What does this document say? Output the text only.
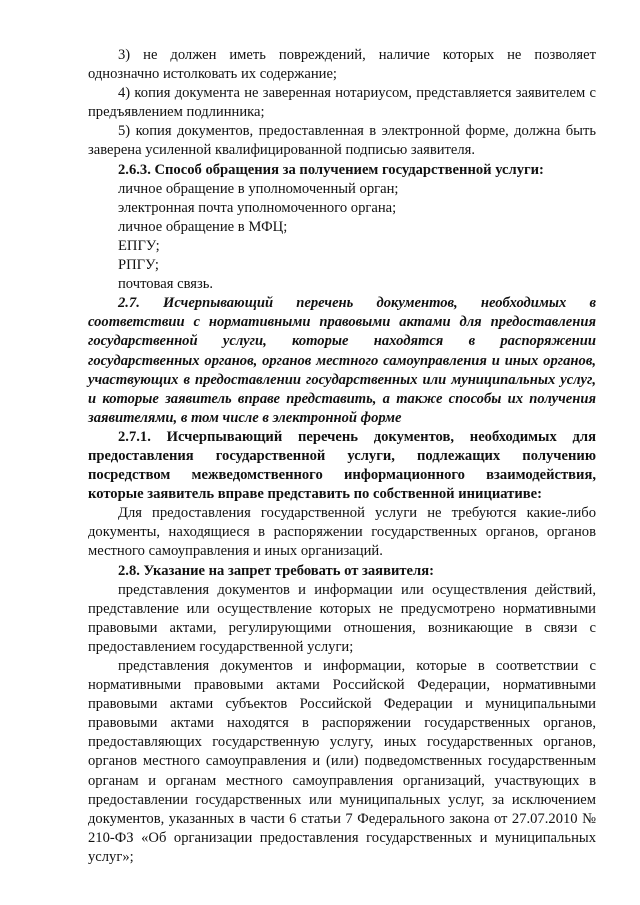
3) не должен иметь повреждений, наличие которых не позволяет однозначно истолковать их содержание;

4) копия документа не заверенная нотариусом, представляется заявителем с предъявлением подлинника;

5) копия документов, предоставленная в электронной форме, должна быть заверена усиленной квалифицированной подписью заявителя.

2.6.3. Способ обращения за получением государственной услуги:

личное обращение в уполномоченный орган;

электронная почта уполномоченного органа;

личное обращение в МФЦ;

ЕПГУ;

РПГУ;

почтовая связь.

2.7. Исчерпывающий перечень документов, необходимых в соответствии с нормативными правовыми актами для предоставления государственной услуги, которые находятся в распоряжении государственных органов, органов местного самоуправления и иных органов, участвующих в предоставлении государственных или муниципальных услуг, и которые заявитель вправе представить, а также способы их получения заявителями, в том числе в электронной форме

2.7.1. Исчерпывающий перечень документов, необходимых для предоставления государственной услуги, подлежащих получению посредством межведомственного информационного взаимодействия, которые заявитель вправе представить по собственной инициативе:

Для предоставления государственной услуги не требуются какие-либо документы, находящиеся в распоряжении государственных органов, органов местного самоуправления и иных организаций.

2.8. Указание на запрет требовать от заявителя:

представления документов и информации или осуществления действий, представление или осуществление которых не предусмотрено нормативными правовыми актами, регулирующими отношения, возникающие в связи с предоставлением государственной услуги;

представления документов и информации, которые в соответствии с нормативными правовыми актами Российской Федерации, нормативными правовыми актами субъектов Российской Федерации и муниципальными правовыми актами находятся в распоряжении государственных органов, предоставляющих государственную услугу, иных государственных органов, органов местного самоуправления и (или) подведомственных государственным органам и органам местного самоуправления организаций, участвующих в предоставлении государственных или муниципальных услуг, за исключением документов, указанных в части 6 статьи 7 Федерального закона от 27.07.2010 № 210-ФЗ «Об организации предоставления государственных и муниципальных услуг»;
